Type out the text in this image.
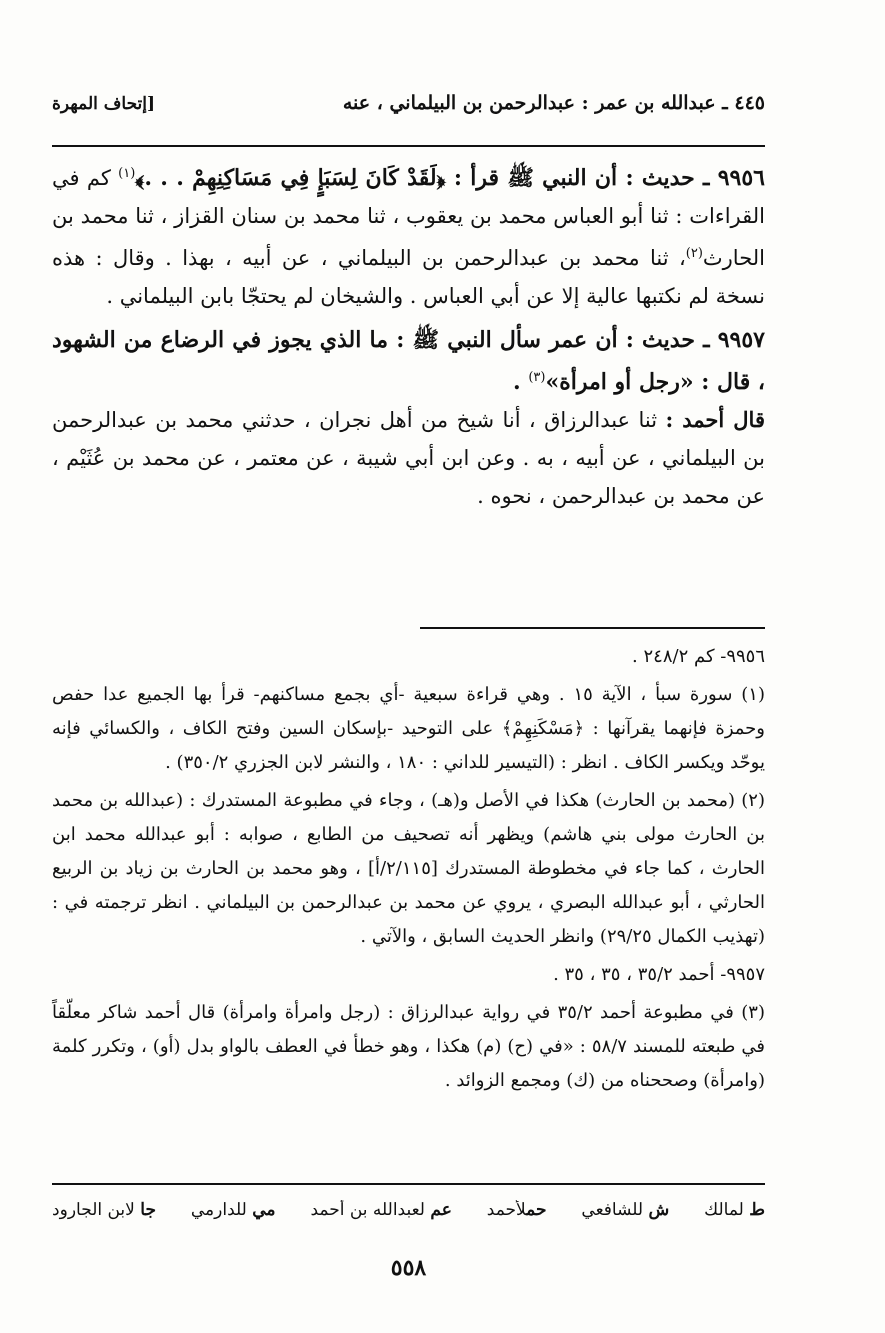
٤٤٥ ـ عبدالله بن عمر : عبدالرحمن بن البيلماني ، عنه
[إتحاف المهرة

٩٩٥٦ ـ حديث : أن النبي ﷺ قرأ : ﴿لَقَدْ كَانَ لِسَبَإٍ فِي مَسَاكِنِهِمْ . . .﴾$^{(١)}$ كم في القراءات : ثنا أبو العباس محمد بن يعقوب ، ثنا محمد بن سنان القزاز ، ثنا محمد بن الحارث$^{(٢)}$، ثنا محمد بن عبدالرحمن بن البيلماني ، عن أبيه ، بهذا . وقال : هذه نسخة لم نكتبها عالية إلا عن أبي العباس . والشيخان لم يحتجّا بابن البيلماني .

٩٩٥٧ ـ حديث : أن عمر سأل النبي ﷺ : ما الذي يجوز في الرضاع من الشهود ، قال : «رجل أو امرأة»$^{(٣)}$ .

قال أحمد : ثنا عبدالرزاق ، أنا شيخ من أهل نجران ، حدثني محمد بن عبدالرحمن بن البيلماني ، عن أبيه ، به . وعن ابن أبي شيبة ، عن معتمر ، عن محمد بن عُثَيْم ، عن محمد بن عبدالرحمن ، نحوه .

٩٩٥٦- كم ٢٤٨/٢ .

(١) سورة سبأ ، الآية ١٥ . وهي قراءة سبعية -أي بجمع مساكنهم- قرأ بها الجميع عدا حفص وحمزة فإنهما يقرآنها : ﴿مَسْكَنِهِمْ﴾ على التوحيد -بإسكان السين وفتح الكاف ، والكسائي فإنه يوحّد ويكسر الكاف . انظر : (التيسير للداني : ١٨٠ ، والنشر لابن الجزري ٣٥٠/٢) .

(٢) (محمد بن الحارث) هكذا في الأصل و(هـ) ، وجاء في مطبوعة المستدرك : (عبدالله بن محمد بن الحارث مولى بني هاشم) ويظهر أنه تصحيف من الطابع ، صوابه : أبو عبدالله محمد ابن الحارث ، كما جاء في مخطوطة المستدرك [٢/١١٥/أ] ، وهو محمد بن الحارث بن زياد بن الربيع الحارثي ، أبو عبدالله البصري ، يروي عن محمد بن عبدالرحمن بن البيلماني . انظر ترجمته في : (تهذيب الكمال ٢٩/٢٥) وانظر الحديث السابق ، والآتي .

٩٩٥٧- أحمد ٣٥/٢ ، ٣٥ ، ٣٥ .

(٣) في مطبوعة أحمد ٣٥/٢ في رواية عبدالرزاق : (رجل وامرأة وامرأة) قال أحمد شاكر معلّقاً في طبعته للمسند ٥٨/٧ : «في (ح) (م) هكذا ، وهو خطأ في العطف بالواو بدل (أو) ، وتكرر كلمة (وامرأة) وصححناه من (ك) ومجمع الزوائد .

ط لمالك
ش للشافعي
حملأحمد
عم لعبدالله بن أحمد
مي للدارمي
جا لابن الجارود
٥٥٨
